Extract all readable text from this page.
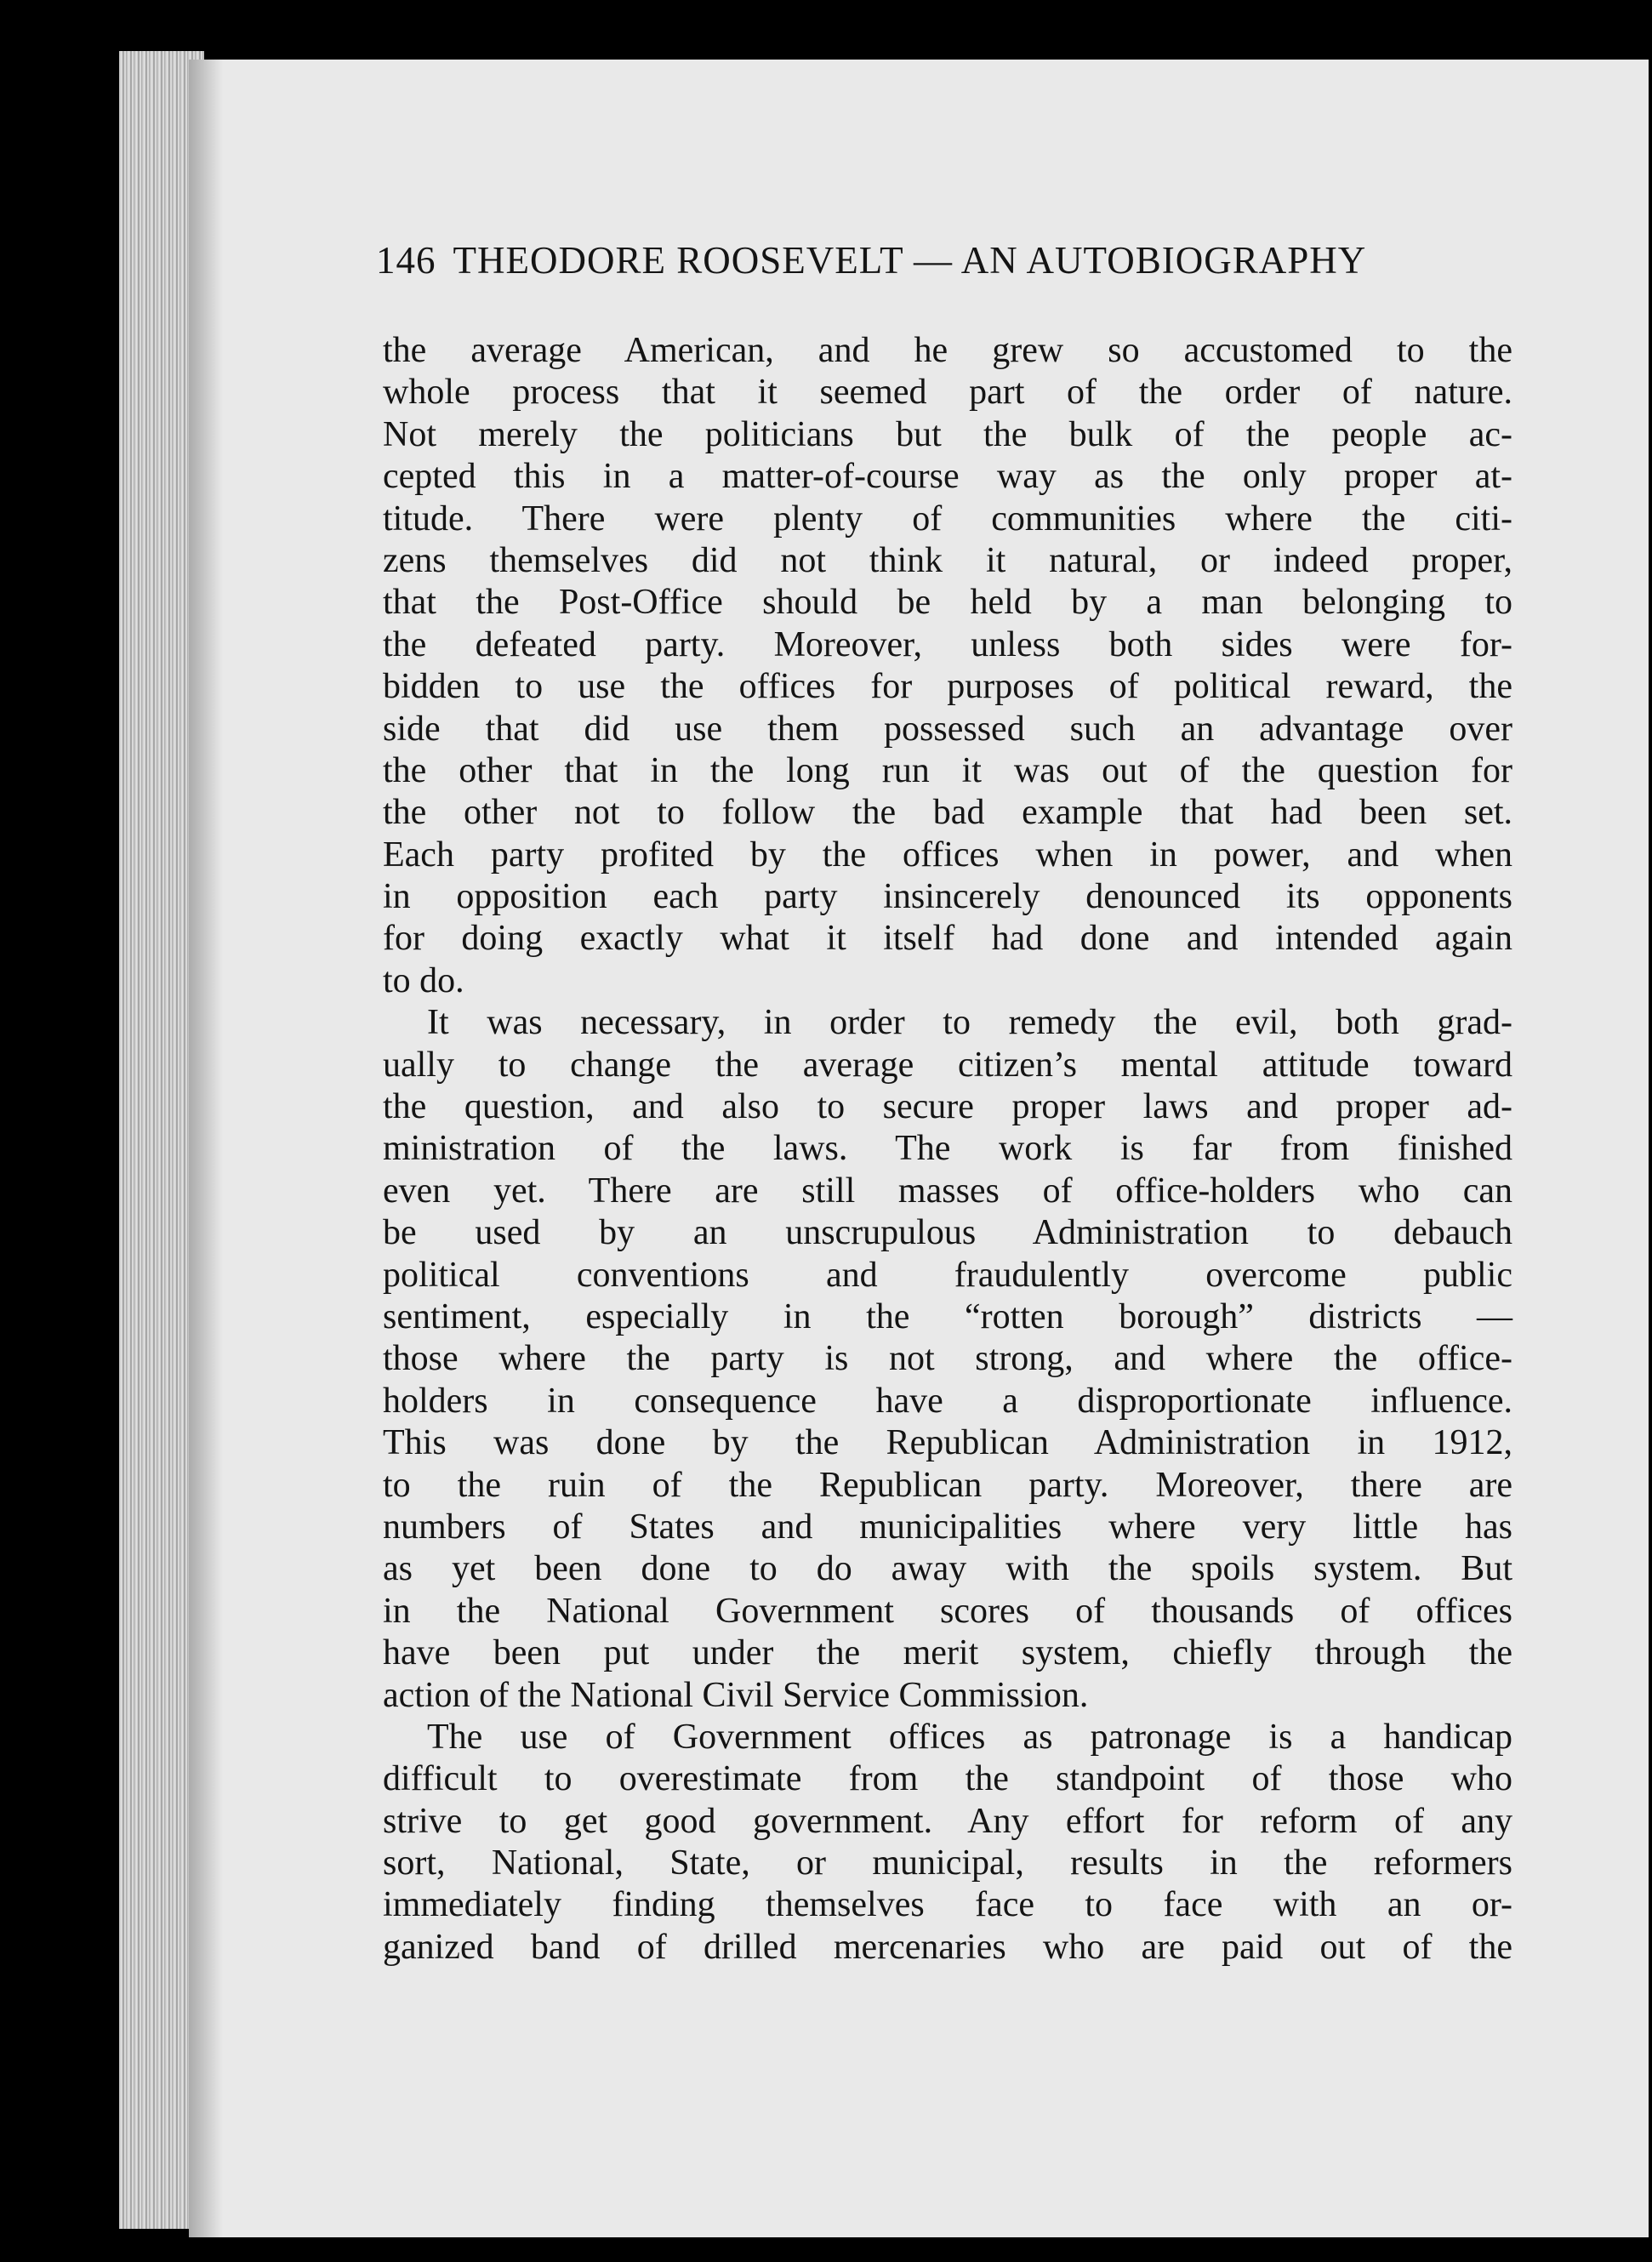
146 THEODORE ROOSEVELT — AN AUTOBIOGRAPHY
the average American, and he grew so accustomed to the
whole process that it seemed part of the order of nature.
Not merely the politicians but the bulk of the people ac-
cepted this in a matter-of-course way as the only proper at-
titude. There were plenty of communities where the citi-
zens themselves did not think it natural, or indeed proper,
that the Post-Office should be held by a man belonging to
the defeated party. Moreover, unless both sides were for-
bidden to use the offices for purposes of political reward, the
side that did use them possessed such an advantage over
the other that in the long run it was out of the question for
the other not to follow the bad example that had been set.
Each party profited by the offices when in power, and when
in opposition each party insincerely denounced its opponents
for doing exactly what it itself had done and intended again
to do.
It was necessary, in order to remedy the evil, both grad-
ually to change the average citizen’s mental attitude toward
the question, and also to secure proper laws and proper ad-
ministration of the laws. The work is far from finished
even yet. There are still masses of office-holders who can
be used by an unscrupulous Administration to debauch
political conventions and fraudulently overcome public
sentiment, especially in the “rotten borough” districts —
those where the party is not strong, and where the office-
holders in consequence have a disproportionate influence.
This was done by the Republican Administration in 1912,
to the ruin of the Republican party. Moreover, there are
numbers of States and municipalities where very little has
as yet been done to do away with the spoils system. But
in the National Government scores of thousands of offices
have been put under the merit system, chiefly through the
action of the National Civil Service Commission.
The use of Government offices as patronage is a handicap
difficult to overestimate from the standpoint of those who
strive to get good government. Any effort for reform of any
sort, National, State, or municipal, results in the reformers
immediately finding themselves face to face with an or-
ganized band of drilled mercenaries who are paid out of the
